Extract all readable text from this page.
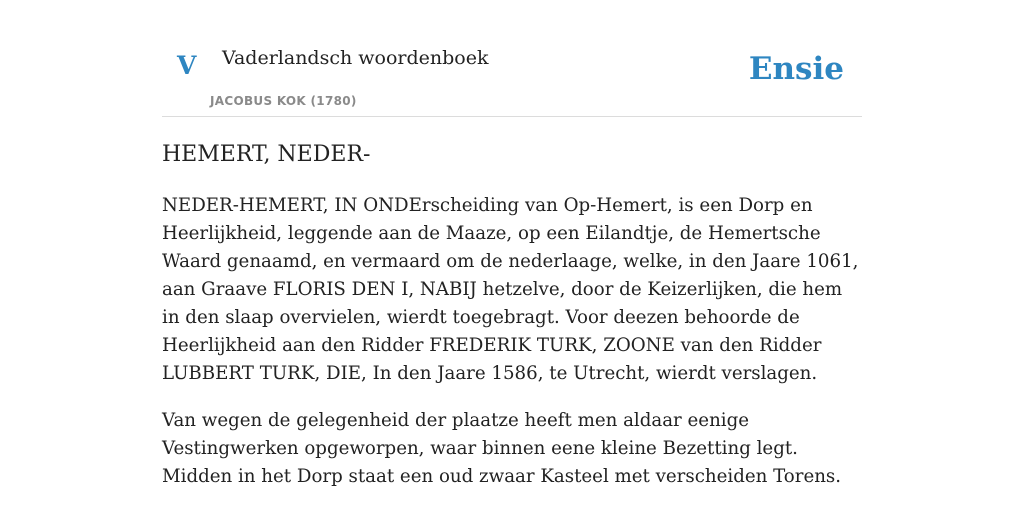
V Vaderlandsch woordenboek
JACOBUS KOK (1780)
Ensie
HEMERT, NEDER-

NEDER-HEMERT, IN ONDErscheiding van Op-Hemert, is een Dorp en Heerlijkheid, leggende aan de Maaze, op een Eilandtje, de Hemertsche Waard genaamd, en vermaard om de nederlaage, welke, in den Jaare 1061, aan Graave FLORIS DEN I, NABIJ hetzelve, door de Keizerlijken, die hem in den slaap overvielen, wierdt toegebragt. Voor deezen behoorde de Heerlijkheid aan den Ridder FREDERIK TURK, ZOONE van den Ridder LUBBERT TURK, DIE, In den Jaare 1586, te Utrecht, wierdt verslagen.

Van wegen de gelegenheid der plaatze heeft men aldaar eenige Vestingwerken opgeworpen, waar binnen eene kleine Bezetting legt. Midden in het Dorp staat een oud zwaar Kasteel met verscheiden Torens.
